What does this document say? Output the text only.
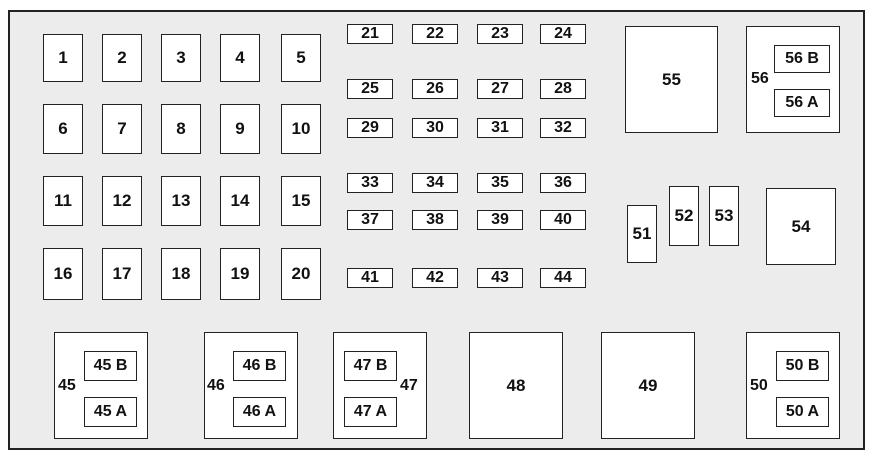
1	2	3	4	5
6	7	8	9	10
11	12	13	14	15
16	17	18	19	20
21	22	23	24
25	26	27	28
29	30	31	32
33	34	35	36
37	38	39	40
41	42	43	44
55	56
56 B
56 A
51
52	53
54
45
45 B
45 A
46
46 B
46 A
47 B
47 A
47	48	49	50
50 B
50 A
